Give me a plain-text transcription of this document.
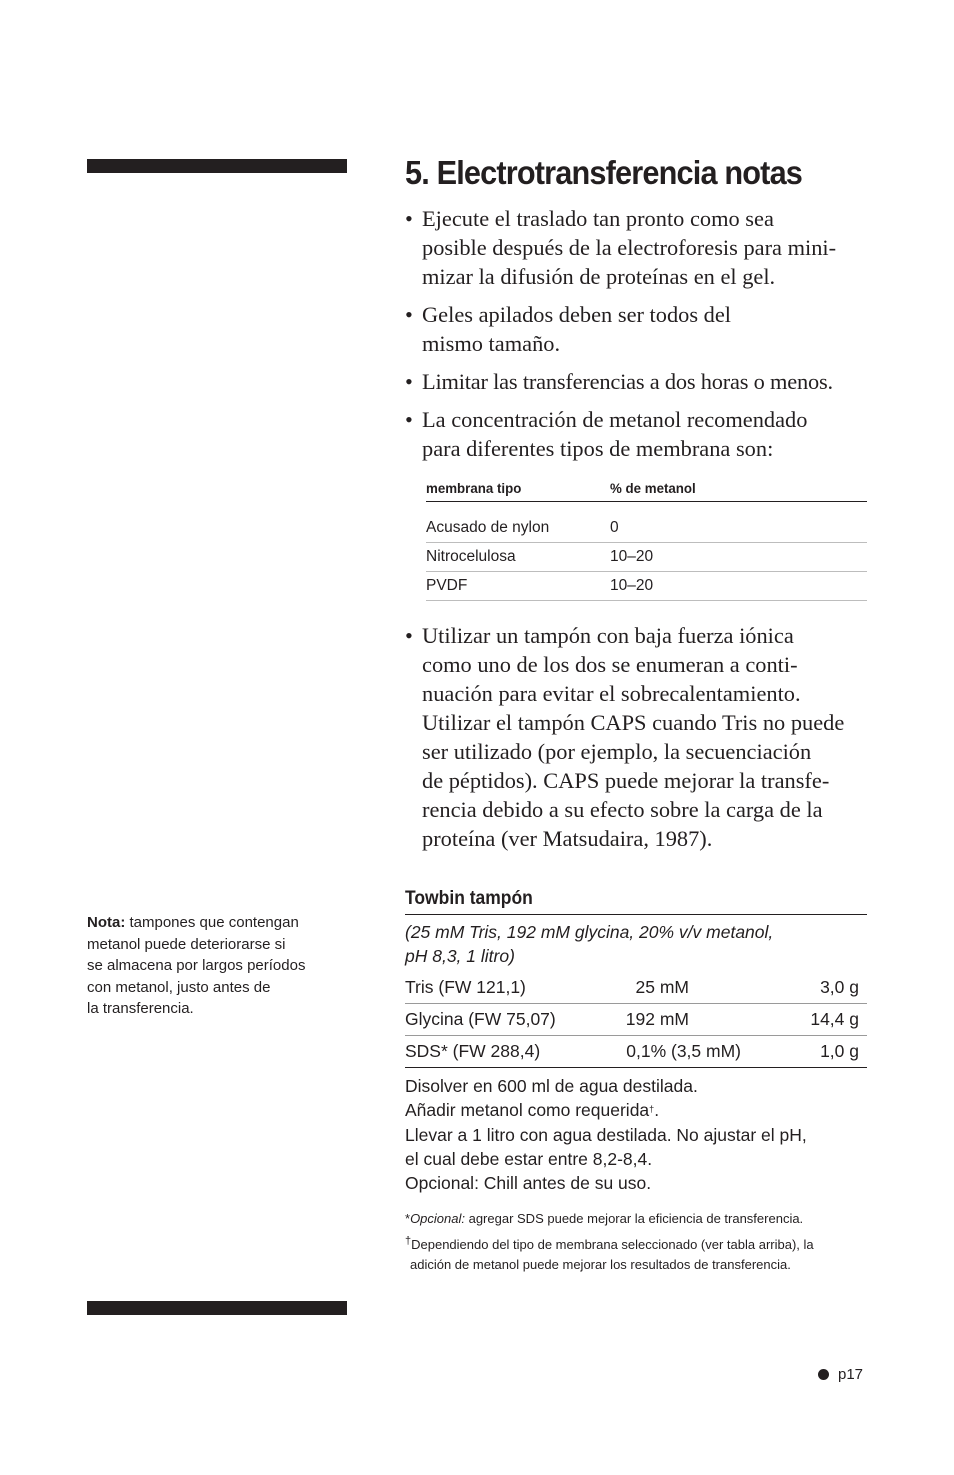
5. Electrotransferencia notas
• Ejecute el traslado tan pronto como sea
posible después de la electroforesis para mini-
mizar la difusión de proteínas en el gel.
• Geles apilados deben ser todos del
mismo tamaño.
• Limitar las transferencias a dos horas o menos.
• La concentración de metanol recomendado
para diferentes tipos de membrana son:
membrana tipo	% de metanol
Acusado de nylon	0
Nitrocelulosa	10–20
PVDF	10–20
• Utilizar un tampón con baja fuerza iónica
como uno de los dos se enumeran a conti-
nuación para evitar el sobrecalentamiento.
Utilizar el tampón CAPS cuando Tris no puede
ser utilizado (por ejemplo, la secuenciación
de péptidos). CAPS puede mejorar la transfe-
rencia debido a su efecto sobre la carga de la
proteína (ver Matsudaira, 1987).
Towbin tampón
(25 mM Tris, 192 mM glycina, 20% v/v metanol,
pH 8,3, 1 litro)
Tris (FW 121,1)	25 mM	3,0 g
Glycina (FW 75,07)	192 mM	14,4 g
SDS* (FW 288,4)	0,1% (3,5 mM)	1,0 g
Disolver en 600 ml de agua destilada.
Añadir metanol como requerida†.
Llevar a 1 litro con agua destilada. No ajustar el pH,
el cual debe estar entre 8,2-8,4.
Opcional: Chill antes de su uso.
*Opcional: agregar SDS puede mejorar la eficiencia de transferencia.
†Dependiendo del tipo de membrana seleccionado (ver tabla arriba), la
adición de metanol puede mejorar los resultados de transferencia.
Nota: tampones que contengan
metanol puede deteriorarse si
se almacena por largos períodos
con metanol, justo antes de
la transferencia.
p17
